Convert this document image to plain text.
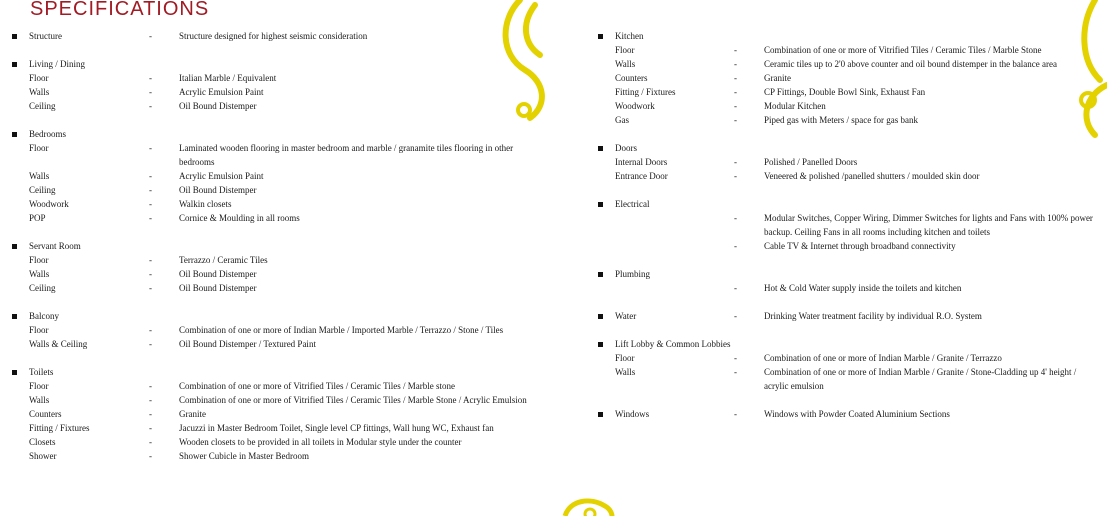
SPECIFICATIONS
Structure	-	Structure designed for highest seismic consideration
Living / Dining
Floor	-	Italian Marble / Equivalent
Walls	-	Acrylic Emulsion Paint
Ceiling	-	Oil Bound Distemper
Bedrooms
Floor	-	Laminated wooden flooring in master bedroom and marble / granamite tiles flooring in other bedrooms
Walls	-	Acrylic Emulsion Paint
Ceiling	-	Oil Bound Distemper
Woodwork	-	Walkin closets
POP	-	Cornice & Moulding in all rooms
Servant Room
Floor	-	Terrazzo / Ceramic Tiles
Walls	-	Oil Bound Distemper
Ceiling	-	Oil Bound Distemper
Balcony
Floor	-	Combination of one or more of Indian Marble / Imported Marble / Terrazzo / Stone / Tiles
Walls & Ceiling	-	Oil Bound Distemper / Textured Paint
Toilets
Floor	-	Combination of one or more of Vitrified Tiles / Ceramic Tiles / Marble stone
Walls	-	Combination of one or more of Vitrified Tiles / Ceramic Tiles / Marble Stone / Acrylic Emulsion
Counters	-	Granite
Fitting / Fixtures	-	Jacuzzi in Master Bedroom Toilet, Single level CP fittings, Wall hung WC, Exhaust fan
Closets	-	Wooden closets to be provided in all toilets in Modular style under the counter
Shower	-	Shower Cubicle in Master Bedroom
Kitchen
Floor	-	Combination of one or more of Vitrified Tiles / Ceramic Tiles / Marble Stone
Walls	-	Ceramic tiles up to 2'0 above counter and oil bound distemper in the balance area
Counters	-	Granite
Fitting / Fixtures	-	CP Fittings, Double Bowl Sink, Exhaust Fan
Woodwork	-	Modular Kitchen
Gas	-	Piped gas with Meters / space for gas bank
Doors
Internal Doors	-	Polished / Panelled Doors
Entrance Door	-	Veneered & polished /panelled shutters / moulded skin door
Electrical
-	Modular Switches, Copper Wiring, Dimmer Switches for lights and Fans with 100% power backup. Ceiling Fans in all rooms including kitchen and toilets
-	Cable TV & Internet through broadband connectivity
Plumbing
-	Hot & Cold Water supply inside the toilets and kitchen
Water	-	Drinking Water treatment facility by individual R.O. System
Lift Lobby & Common Lobbies
Floor	-	Combination of one or more of Indian Marble / Granite / Terrazzo
Walls	-	Combination of one or more of Indian Marble / Granite / Stone-Cladding up 4' height / acrylic emulsion
Windows	-	Windows with Powder Coated Aluminium Sections
